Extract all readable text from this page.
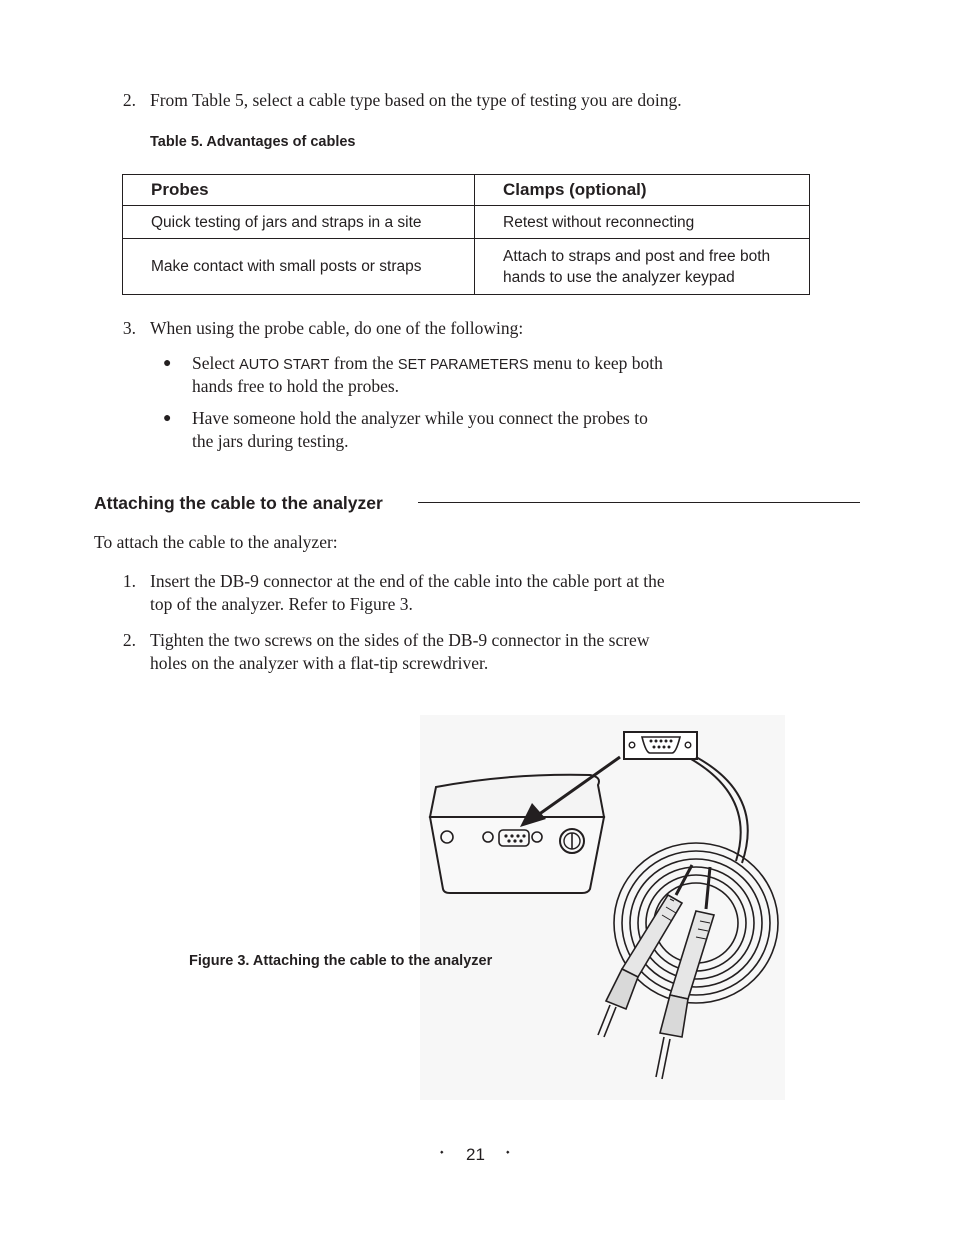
2. From Table 5, select a cable type based on the type of testing you are doing.
Table 5. Advantages of cables
Probes	Clamps (optional)
Quick testing of jars and straps in a site	Retest without reconnecting
Make contact with small posts or straps	Attach to straps and post and free both hands to use the analyzer keypad
3. When using the probe cable, do one of the following:
● Select AUTO START from the SET PARAMETERS menu to keep both
hands free to hold the probes.
● Have someone hold the analyzer while you connect the probes to
the jars during testing.
Attaching the cable to the analyzer
To attach the cable to the analyzer:
1. Insert the DB-9 connector at the end of the cable into the cable port at the
top of the analyzer. Refer to Figure 3.
2. Tighten the two screws on the sides of the DB-9 connector in the screw
holes on the analyzer with a flat-tip screwdriver.
Figure 3. Attaching the cable to the analyzer
⬩ 21 ⬩
